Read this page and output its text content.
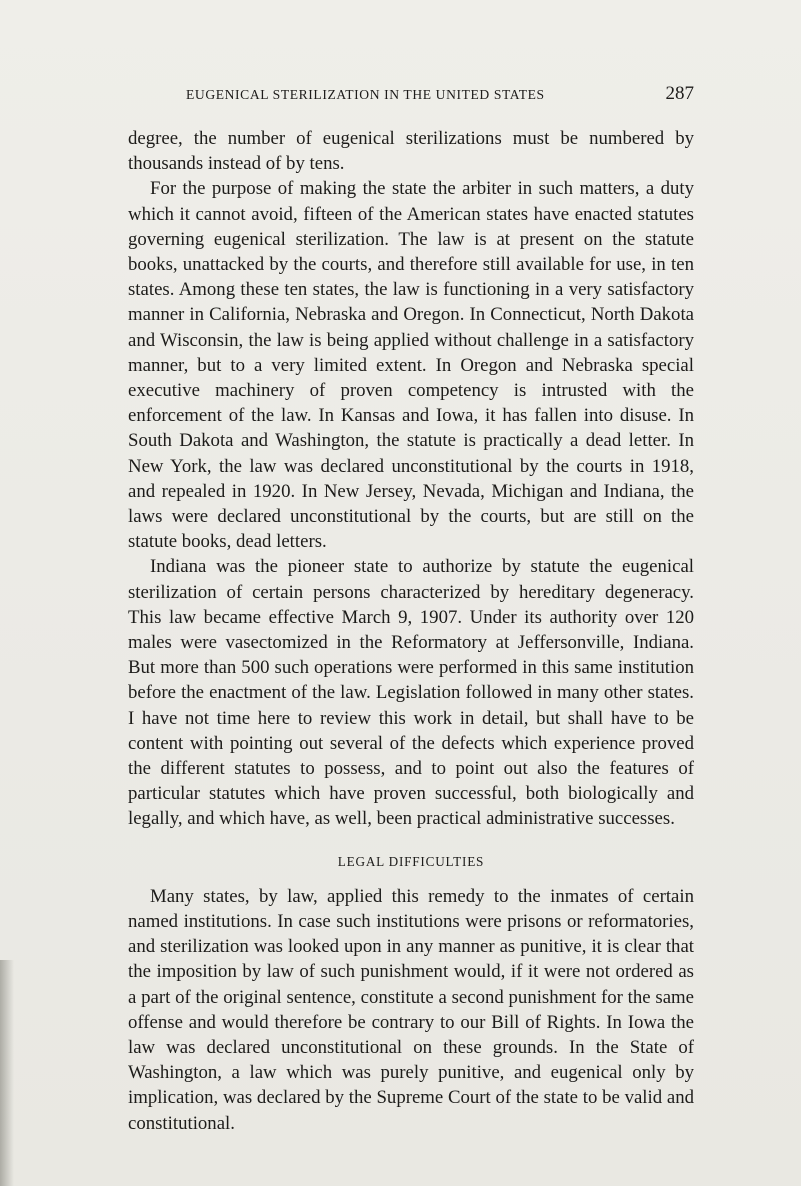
EUGENICAL STERILIZATION IN THE UNITED STATES	287

degree, the number of eugenical sterilizations must be numbered by thousands instead of by tens.

For the purpose of making the state the arbiter in such matters, a duty which it cannot avoid, fifteen of the American states have enacted statutes governing eugenical sterilization. The law is at present on the statute books, unattacked by the courts, and therefore still available for use, in ten states. Among these ten states, the law is functioning in a very satisfactory manner in California, Nebraska and Oregon. In Connecticut, North Dakota and Wisconsin, the law is being applied without challenge in a satisfactory manner, but to a very limited extent. In Oregon and Nebraska special executive machinery of proven competency is intrusted with the enforcement of the law. In Kansas and Iowa, it has fallen into disuse. In South Dakota and Washington, the statute is practically a dead letter. In New York, the law was declared unconstitutional by the courts in 1918, and repealed in 1920. In New Jersey, Nevada, Michigan and Indiana, the laws were declared unconstitutional by the courts, but are still on the statute books, dead letters.

Indiana was the pioneer state to authorize by statute the eugenical sterilization of certain persons characterized by hereditary degeneracy. This law became effective March 9, 1907. Under its authority over 120 males were vasectomized in the Reformatory at Jeffersonville, Indiana. But more than 500 such operations were performed in this same institution before the enactment of the law. Legislation followed in many other states. I have not time here to review this work in detail, but shall have to be content with pointing out several of the defects which experience proved the different statutes to possess, and to point out also the features of particular statutes which have proven successful, both biologically and legally, and which have, as well, been practical administrative successes.

LEGAL DIFFICULTIES

Many states, by law, applied this remedy to the inmates of certain named institutions. In case such institutions were prisons or reformatories, and sterilization was looked upon in any manner as punitive, it is clear that the imposition by law of such punishment would, if it were not ordered as a part of the original sentence, constitute a second punishment for the same offense and would therefore be contrary to our Bill of Rights. In Iowa the law was declared unconstitutional on these grounds. In the State of Washington, a law which was purely punitive, and eugenical only by implication, was declared by the Supreme Court of the state to be valid and constitutional.
